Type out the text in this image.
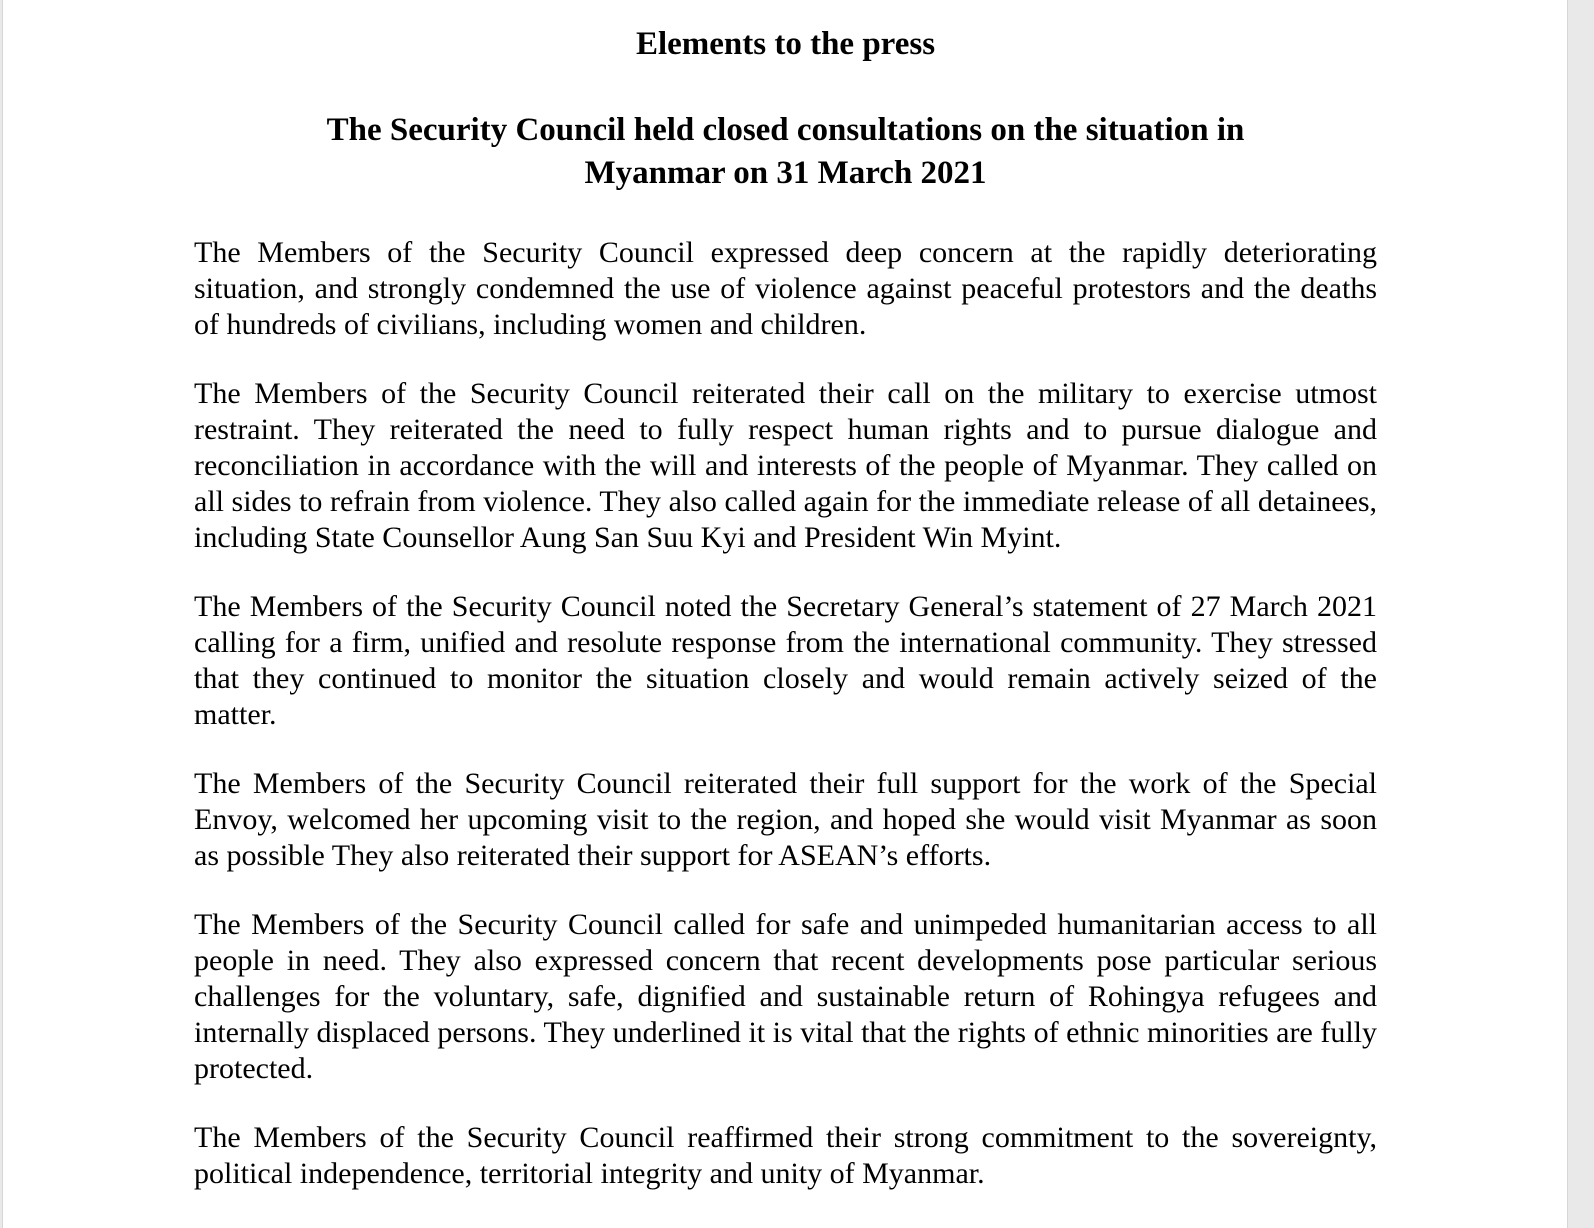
Elements to the press
The Security Council held closed consultations on the situation in
Myanmar on 31 March 2021

The Members of the Security Council expressed deep concern at the rapidly deteriorating situation, and strongly condemned the use of violence against peaceful protestors and the deaths of hundreds of civilians, including women and children.

The Members of the Security Council reiterated their call on the military to exercise utmost restraint. They reiterated the need to fully respect human rights and to pursue dialogue and reconciliation in accordance with the will and interests of the people of Myanmar. They called on all sides to refrain from violence. They also called again for the immediate release of all detainees, including State Counsellor Aung San Suu Kyi and President Win Myint.

The Members of the Security Council noted the Secretary General’s statement of 27 March 2021 calling for a firm, unified and resolute response from the international community. They stressed that they continued to monitor the situation closely and would remain actively seized of the matter.

The Members of the Security Council reiterated their full support for the work of the Special Envoy, welcomed her upcoming visit to the region, and hoped she would visit Myanmar as soon as possible They also reiterated their support for ASEAN’s efforts.

The Members of the Security Council called for safe and unimpeded humanitarian access to all people in need. They also expressed concern that recent developments pose particular serious challenges for the voluntary, safe, dignified and sustainable return of Rohingya refugees and internally displaced persons. They underlined it is vital that the rights of ethnic minorities are fully protected.

The Members of the Security Council reaffirmed their strong commitment to the sovereignty, political independence, territorial integrity and unity of Myanmar.
